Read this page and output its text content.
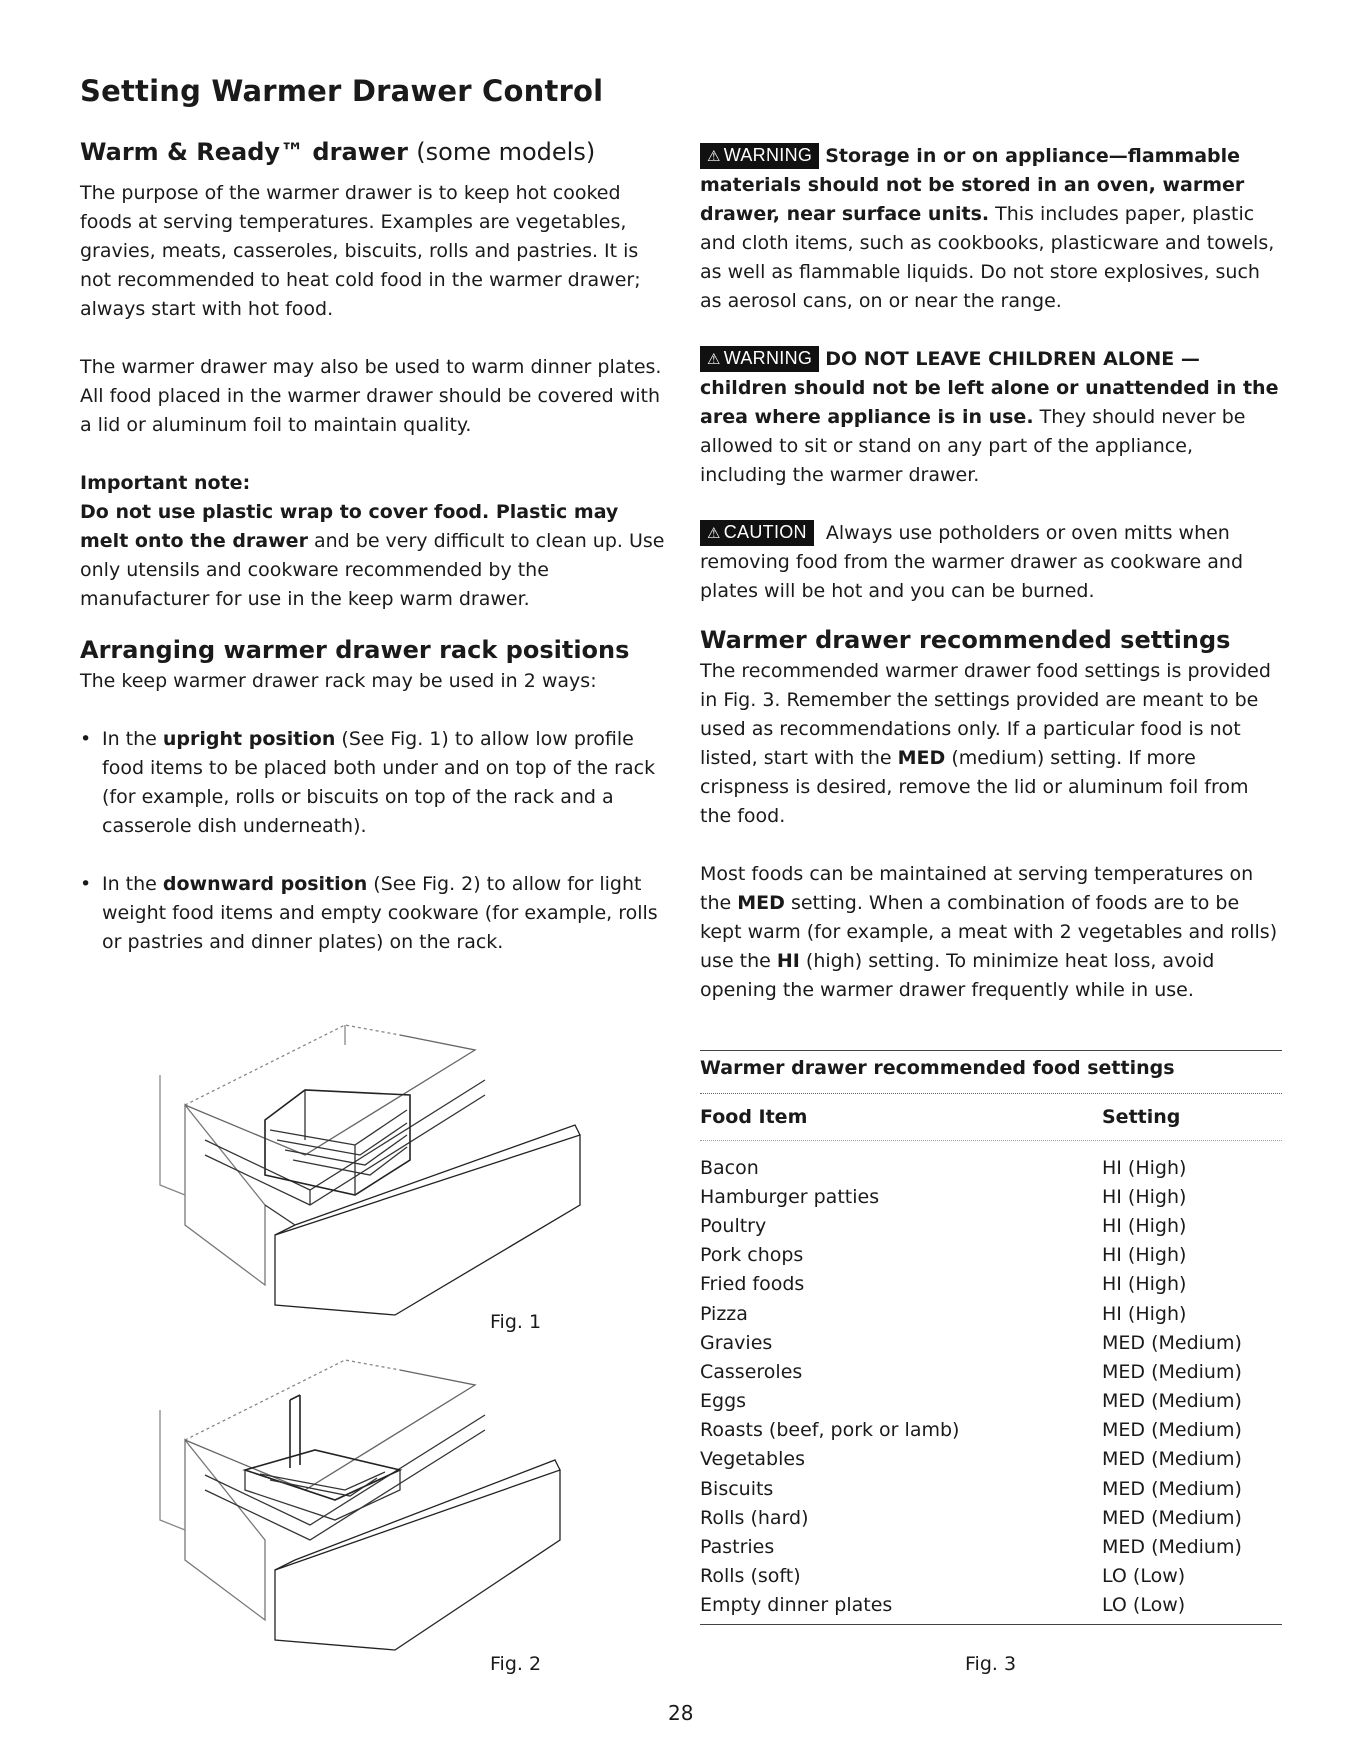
Setting Warmer Drawer Control
Warm & Ready™ drawer (some models)

The purpose of the warmer drawer is to keep hot cooked foods at serving temperatures. Examples are vegetables, gravies, meats, casseroles, biscuits, rolls and pastries. It is not recommended to heat cold food in the warmer drawer; always start with hot food.

The warmer drawer may also be used to warm dinner plates. All food placed in the warmer drawer should be covered with a lid or aluminum foil to maintain quality.

Important note:

Do not use plastic wrap to cover food. Plastic may melt onto the drawer and be very difficult to clean up. Use only utensils and cookware recommended by the manufacturer for use in the keep warm drawer.

Arranging warmer drawer rack positions

The keep warmer drawer rack may be used in 2 ways:

• In the upright position (See Fig. 1) to allow low profile food items to be placed both under and on top of the rack (for example, rolls or biscuits on top of the rack and a casserole dish underneath).

• In the downward position (See Fig. 2) to allow for light weight food items and empty cookware (for example, rolls or pastries and dinner plates) on the rack.

Fig. 1
Fig. 2

⚠ WARNING Storage in or on appliance—flammable materials should not be stored in an oven, warmer drawer, near surface units. This includes paper, plastic and cloth items, such as cookbooks, plasticware and towels, as well as flammable liquids. Do not store explosives, such as aerosol cans, on or near the range.

⚠ WARNING DO NOT LEAVE CHILDREN ALONE — children should not be left alone or unattended in the area where appliance is in use. They should never be allowed to sit or stand on any part of the appliance, including the warmer drawer.

⚠ CAUTION Always use potholders or oven mitts when removing food from the warmer drawer as cookware and plates will be hot and you can be burned.

Warmer drawer recommended settings

The recommended warmer drawer food settings is provided in Fig. 3. Remember the settings provided are meant to be used as recommendations only. If a particular food is not listed, start with the MED (medium) setting. If more crispness is desired, remove the lid or aluminum foil from the food.

Most foods can be maintained at serving temperatures on the MED setting. When a combination of foods are to be kept warm (for example, a meat with 2 vegetables and rolls) use the HI (high) setting. To minimize heat loss, avoid opening the warmer drawer frequently while in use.

Warmer drawer recommended food settings
Food Item	Setting
Bacon	HI (High)
Hamburger patties	HI (High)
Poultry	HI (High)
Pork chops	HI (High)
Fried foods	HI (High)
Pizza	HI (High)
Gravies	MED (Medium)
Casseroles	MED (Medium)
Eggs	MED (Medium)
Roasts (beef, pork or lamb)	MED (Medium)
Vegetables	MED (Medium)
Biscuits	MED (Medium)
Rolls (hard)	MED (Medium)
Pastries	MED (Medium)
Rolls (soft)	LO (Low)
Empty dinner plates	LO (Low)
Fig. 3
28
